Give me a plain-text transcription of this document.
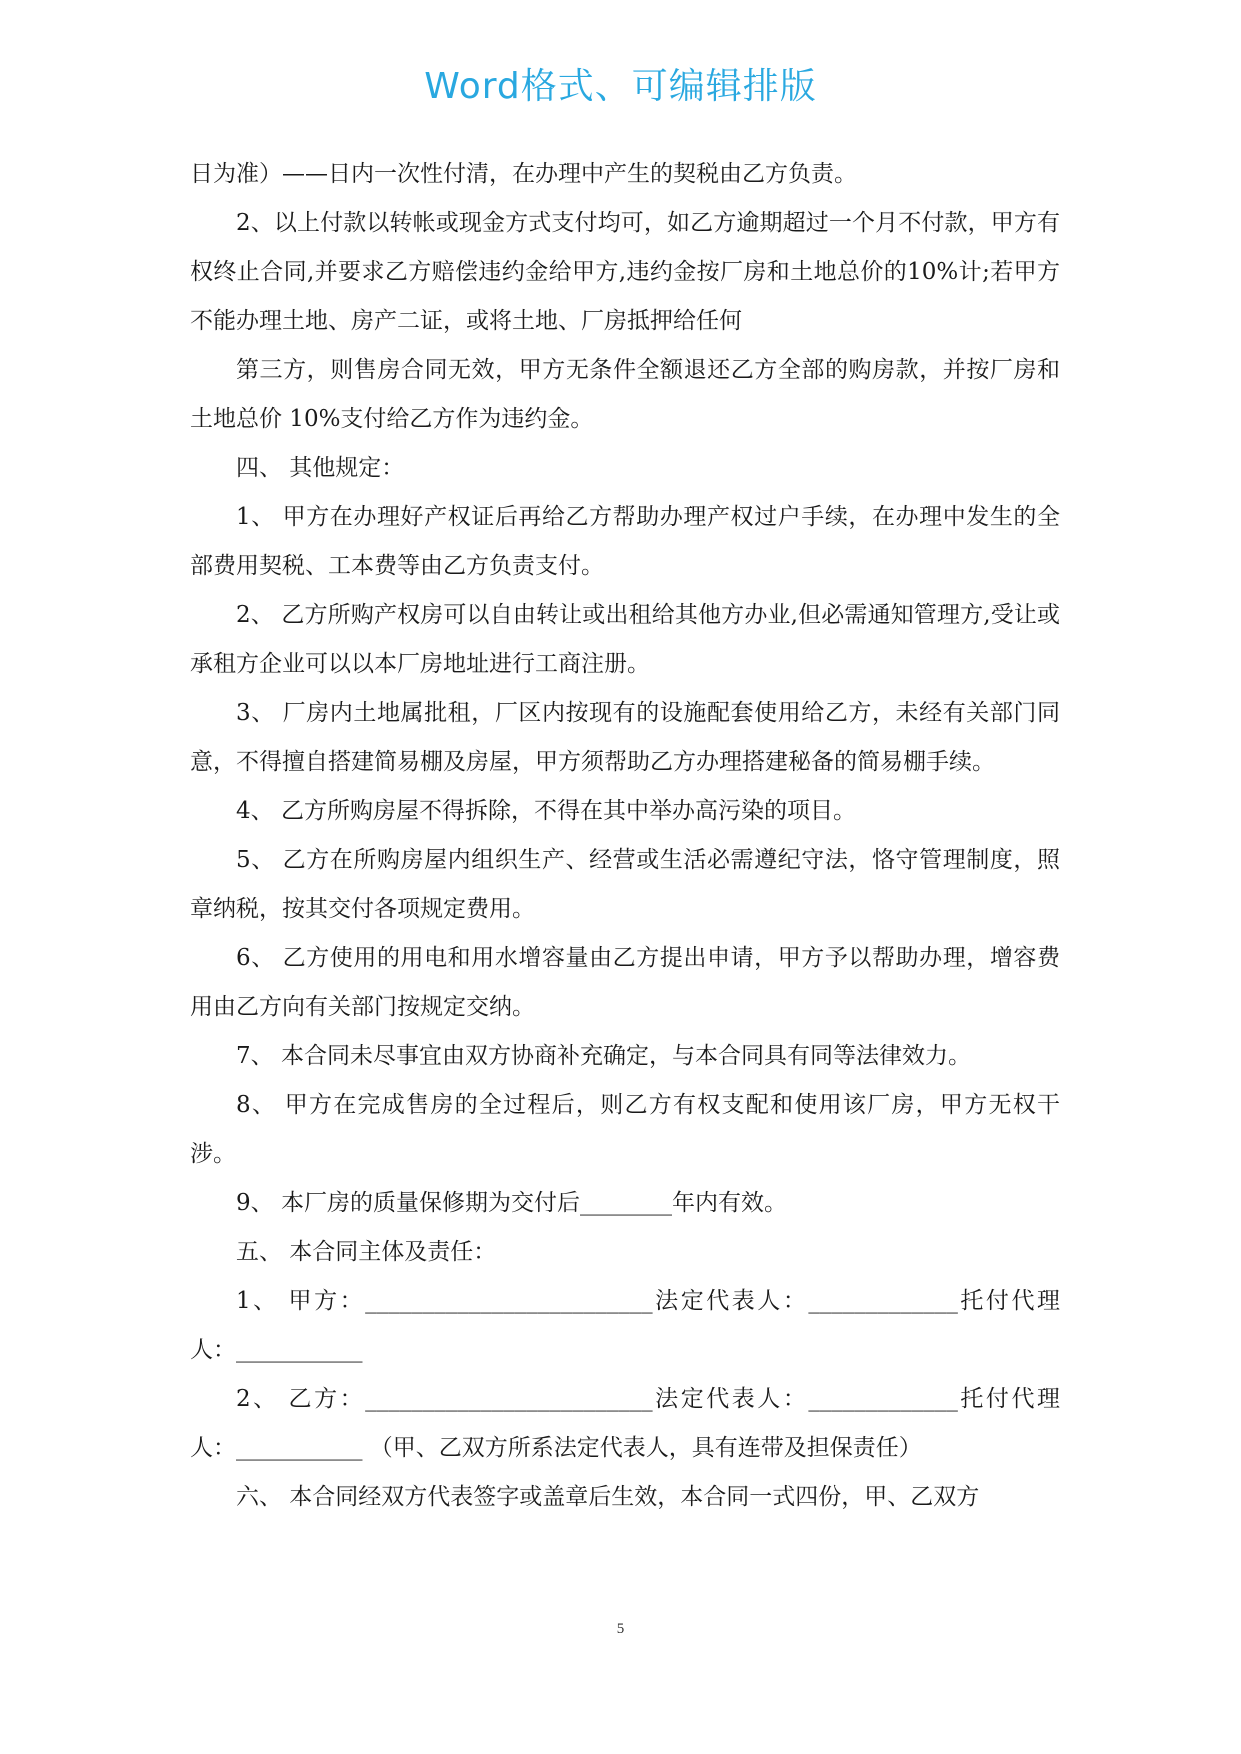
Word格式、可编辑排版

日为准）——日内一次性付清，在办理中产生的契税由乙方负责。

2、以上付款以转帐或现金方式支付均可，如乙方逾期超过一个月不付款，甲方有权终止合同,并要求乙方赔偿违约金给甲方,违约金按厂房和土地总价的10%计;若甲方不能办理土地、房产二证，或将土地、厂房抵押给任何

第三方，则售房合同无效，甲方无条件全额退还乙方全部的购房款，并按厂房和土地总价 10%支付给乙方作为违约金。

四、 其他规定：

1、 甲方在办理好产权证后再给乙方帮助办理产权过户手续，在办理中发生的全部费用契税、工本费等由乙方负责支付。

2、 乙方所购产权房可以自由转让或出租给其他方办业,但必需通知管理方,受让或承租方企业可以以本厂房地址进行工商注册。

3、 厂房内土地属批租，厂区内按现有的设施配套使用给乙方，未经有关部门同意，不得擅自搭建简易棚及房屋，甲方须帮助乙方办理搭建秘备的简易棚手续。

4、 乙方所购房屋不得拆除，不得在其中举办高污染的项目。

5、 乙方在所购房屋内组织生产、经营或生活必需遵纪守法，恪守管理制度，照章纳税，按其交付各项规定费用。

6、 乙方使用的用电和用水增容量由乙方提出申请，甲方予以帮助办理，增容费用由乙方向有关部门按规定交纳。

7、 本合同未尽事宜由双方协商补充确定，与本合同具有同等法律效力。

8、 甲方在完成售房的全过程后，则乙方有权支配和使用该厂房，甲方无权干涉。

9、 本厂房的质量保修期为交付后________年内有效。

五、 本合同主体及责任：

1、 甲方：_________________________法定代表人：_____________托付代理人：___________

2、 乙方：_________________________法定代表人：_____________托付代理人：___________ （甲、乙双方所系法定代表人，具有连带及担保责任）

六、 本合同经双方代表签字或盖章后生效，本合同一式四份，甲、乙双方

5
